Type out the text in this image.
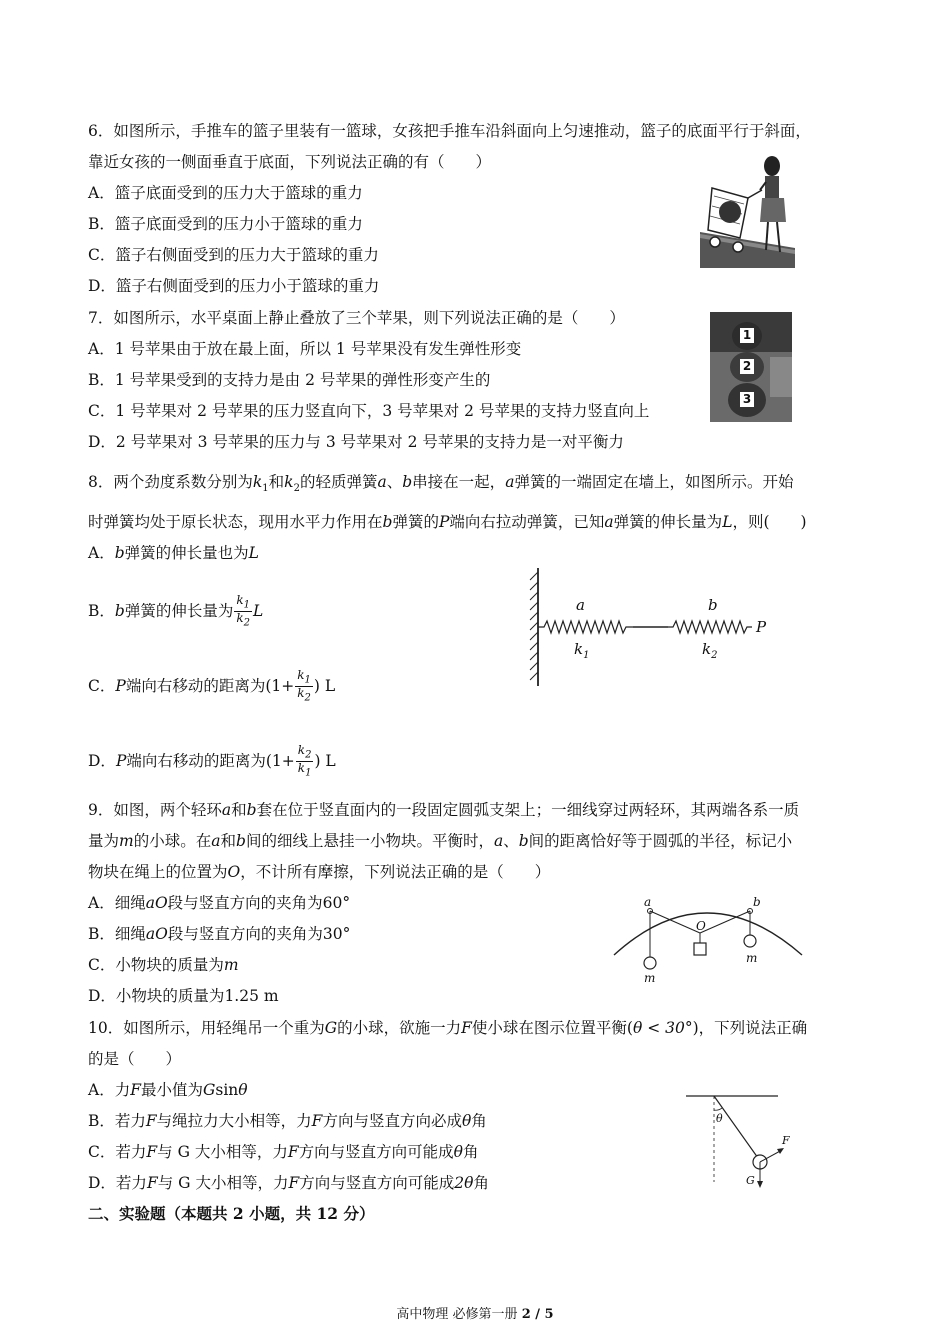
6．如图所示，手推车的篮子里装有一篮球，女孩把手推车沿斜面向上匀速推动，篮子的底面平行于斜面，
靠近女孩的一侧面垂直于底面，下列说法正确的有（　　）
A．篮子底面受到的压力大于篮球的重力
B．篮子底面受到的压力小于篮球的重力
C．篮子右侧面受到的压力大于篮球的重力
D．篮子右侧面受到的压力小于篮球的重力
7．如图所示，水平桌面上静止叠放了三个苹果，则下列说法正确的是（　　）
A．1 号苹果由于放在最上面，所以 1 号苹果没有发生弹性形变
B．1 号苹果受到的支持力是由 2 号苹果的弹性形变产生的
C．1 号苹果对 2 号苹果的压力竖直向下，3 号苹果对 2 号苹果的支持力竖直向上
D．2 号苹果对 3 号苹果的压力与 3 号苹果对 2 号苹果的支持力是一对平衡力
1
2
3
8．两个劲度系数分别为$k_1$和$k_2$的轻质弹簧a、b串接在一起，a弹簧的一端固定在墙上，如图所示。开始
时弹簧均处于原长状态，现用水平力作用在b弹簧的P端向右拉动弹簧，已知a弹簧的伸长量为L，则(　　)
A．b弹簧的伸长量也为L
B．b弹簧的伸长量为 $\frac{k_1}{k_2}$ L
C．P端向右移动的距离为($1+ \frac{k_1}{k_2}$ ) L
D．P端向右移动的距离为($1+ \frac{k_2}{k_1}$ ) L
a	b
P
$k_1$	$k_2$
9．如图，两个轻环a和b套在位于竖直面内的一段固定圆弧支架上；一细线穿过两轻环，其两端各系一质
量为m的小球。在a和b间的细线上悬挂一小物块。平衡时，a、b间的距离恰好等于圆弧的半径，标记小
物块在绳上的位置为O，不计所有摩擦，下列说法正确的是（　　）
A．细绳aO段与竖直方向的夹角为60°
B．细绳aO段与竖直方向的夹角为30°
C．小物块的质量为m
D．小物块的质量为1.25 m
a	b
O
m
m
10．如图所示，用轻绳吊一个重为G的小球，欲施一力F使小球在图示位置平衡(θ < 30°)，下列说法正确
的是（　　）
A．力F最小值为Gsinθ
B．若力F与绳拉力大小相等，力F方向与竖直方向必成θ角
C．若力F与 G 大小相等，力F方向与竖直方向可能成θ角
D．若力F与 G 大小相等，力F方向与竖直方向可能成2θ角
θ
F
G
二、实验题（本题共 2 小题，共 12 分）
高中物理 必修第一册 2 / 5
